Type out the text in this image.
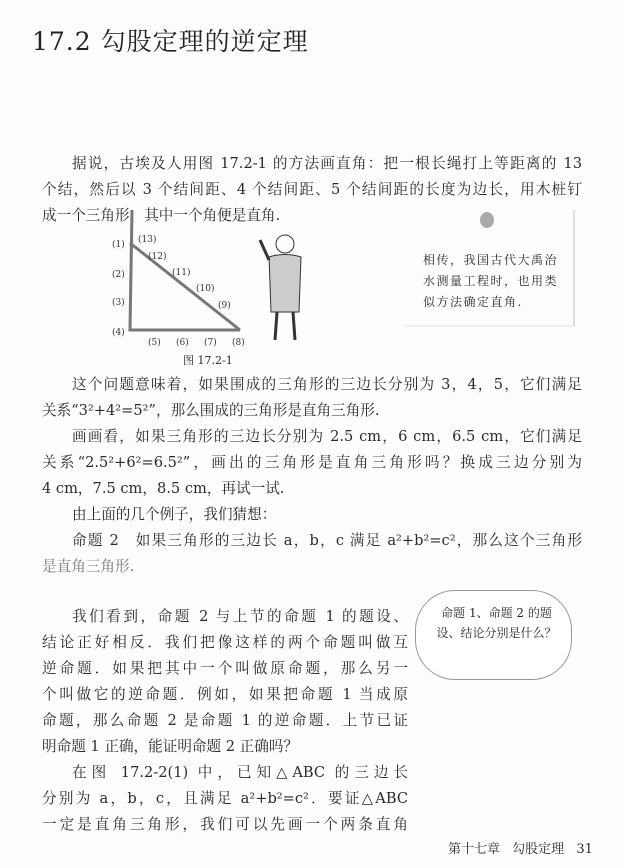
17.2 勾股定理的逆定理
据说，古埃及人用图 17.2-1 的方法画直角：把一根长绳打上等距离的 13
个结，然后以 3 个结间距、4 个结间距、5 个结间距的长度为边长，用木桩钉
成一个三角形，其中一个角便是直角.
(1)
(2)
(3)
(4)
(5) (6) (7) (8)
(9)
(10)
(11)
(12)
(13)
图 17.2-1
相传，我国古代大禹治水测量工程时，也用类似方法确定直角.
这个问题意味着，如果围成的三角形的三边长分别为 3，4，5，它们满足
关系“3²+4²=5²”，那么围成的三角形是直角三角形.
画画看，如果三角形的三边长分别为 2.5 cm，6 cm，6.5 cm，它们满足
关系“2.5²+6²=6.5²”，画出的三角形是直角三角形吗？换成三边分别为
4 cm，7.5 cm，8.5 cm，再试一试.
由上面的几个例子，我们猜想：
命题 2　如果三角形的三边长 a，b，c 满足 a²+b²=c²，那么这个三角形
是直角三角形.
我们看到，命题 2 与上节的命题 1 的题设、
结论正好相反．我们把像这样的两个命题叫做互
逆命题．如果把其中一个叫做原命题，那么另一
个叫做它的逆命题．例如，如果把命题 1 当成原
命题，那么命题 2 是命题 1 的逆命题．上节已证
明命题 1 正确，能证明命题 2 正确吗？
在图 17.2-2(1) 中，已知△ABC 的三边长
分别为 a，b，c，且满足 a²+b²=c²．要证△ABC
一定是直角三角形，我们可以先画一个两条直角
命题 1、命题 2 的题设、结论分别是什么？
第十七章 勾股定理 31
